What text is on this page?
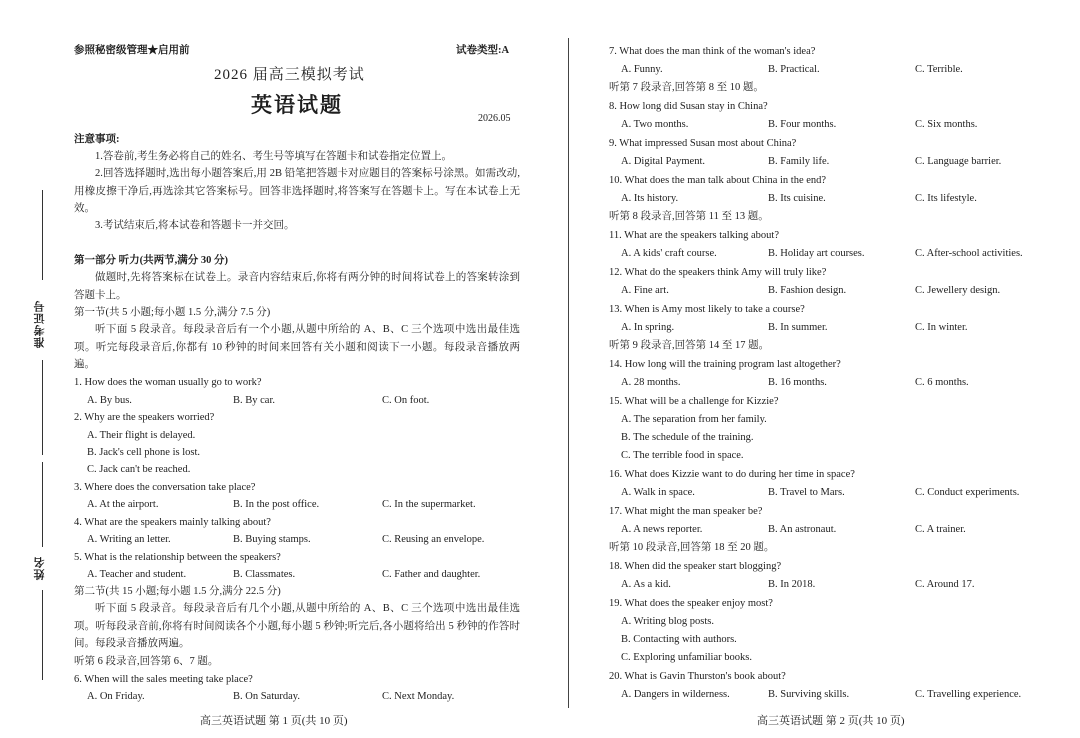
准考证号
姓名
参照秘密级管理★启用前	试卷类型:A
2026 届高三模拟考试
英语试题
2026.05
注意事项:
1.答卷前,考生务必将自己的姓名、考生号等填写在答题卡和试卷指定位置上。
2.回答选择题时,选出每小题答案后,用 2B 铅笔把答题卡对应题目的答案标号涂黑。如需改动,用橡皮擦干净后,再选涂其它答案标号。回答非选择题时,将答案写在答题卡上。写在本试卷上无效。
3.考试结束后,将本试卷和答题卡一并交回。
第一部分 听力(共两节,满分 30 分)
做题时,先将答案标在试卷上。录音内容结束后,你将有两分钟的时间将试卷上的答案转涂到答题卡上。
第一节(共 5 小题;每小题 1.5 分,满分 7.5 分)
听下面 5 段录音。每段录音后有一个小题,从题中所给的 A、B、C 三个选项中选出最佳选项。听完每段录音后,你都有 10 秒钟的时间来回答有关小题和阅读下一小题。每段录音播放两遍。
1. How does the woman usually go to work?
A. By bus.	B. By car.	C. On foot.
2. Why are the speakers worried?
A. Their flight is delayed.
B. Jack's cell phone is lost.
C. Jack can't be reached.
3. Where does the conversation take place?
A. At the airport.	B. In the post office.	C. In the supermarket.
4. What are the speakers mainly talking about?
A. Writing an letter.	B. Buying stamps.	C. Reusing an envelope.
5. What is the relationship between the speakers?
A. Teacher and student.	B. Classmates.	C. Father and daughter.
第二节(共 15 小题;每小题 1.5 分,满分 22.5 分)
听下面 5 段录音。每段录音后有几个小题,从题中所给的 A、B、C 三个选项中选出最佳选项。听每段录音前,你将有时间阅读各个小题,每小题 5 秒钟;听完后,各小题将给出 5 秒钟的作答时间。每段录音播放两遍。
听第 6 段录音,回答第 6、7 题。
6. When will the sales meeting take place?
A. On Friday.	B. On Saturday.	C. Next Monday.
高三英语试题 第 1 页(共 10 页)
7. What does the man think of the woman's idea?
A. Funny.	B. Practical.	C. Terrible.
听第 7 段录音,回答第 8 至 10 题。
8. How long did Susan stay in China?
A. Two months.	B. Four months.	C. Six months.
9. What impressed Susan most about China?
A. Digital Payment.	B. Family life.	C. Language barrier.
10. What does the man talk about China in the end?
A. Its history.	B. Its cuisine.	C. Its lifestyle.
听第 8 段录音,回答第 11 至 13 题。
11. What are the speakers talking about?
A. A kids' craft course.	B. Holiday art courses.	C. After-school activities.
12. What do the speakers think Amy will truly like?
A. Fine art.	B. Fashion design.	C. Jewellery design.
13. When is Amy most likely to take a course?
A. In spring.	B. In summer.	C. In winter.
听第 9 段录音,回答第 14 至 17 题。
14. How long will the training program last altogether?
A. 28 months.	B. 16 months.	C. 6 months.
15. What will be a challenge for Kizzie?
A. The separation from her family.
B. The schedule of the training.
C. The terrible food in space.
16. What does Kizzie want to do during her time in space?
A. Walk in space.	B. Travel to Mars.	C. Conduct experiments.
17. What might the man speaker be?
A. A news reporter.	B. An astronaut.	C. A trainer.
听第 10 段录音,回答第 18 至 20 题。
18. When did the speaker start blogging?
A. As a kid.	B. In 2018.	C. Around 17.
19. What does the speaker enjoy most?
A. Writing blog posts.
B. Contacting with authors.
C. Exploring unfamiliar books.
20. What is Gavin Thurston's book about?
A. Dangers in wilderness.	B. Surviving skills.	C. Travelling experience.
高三英语试题 第 2 页(共 10 页)
